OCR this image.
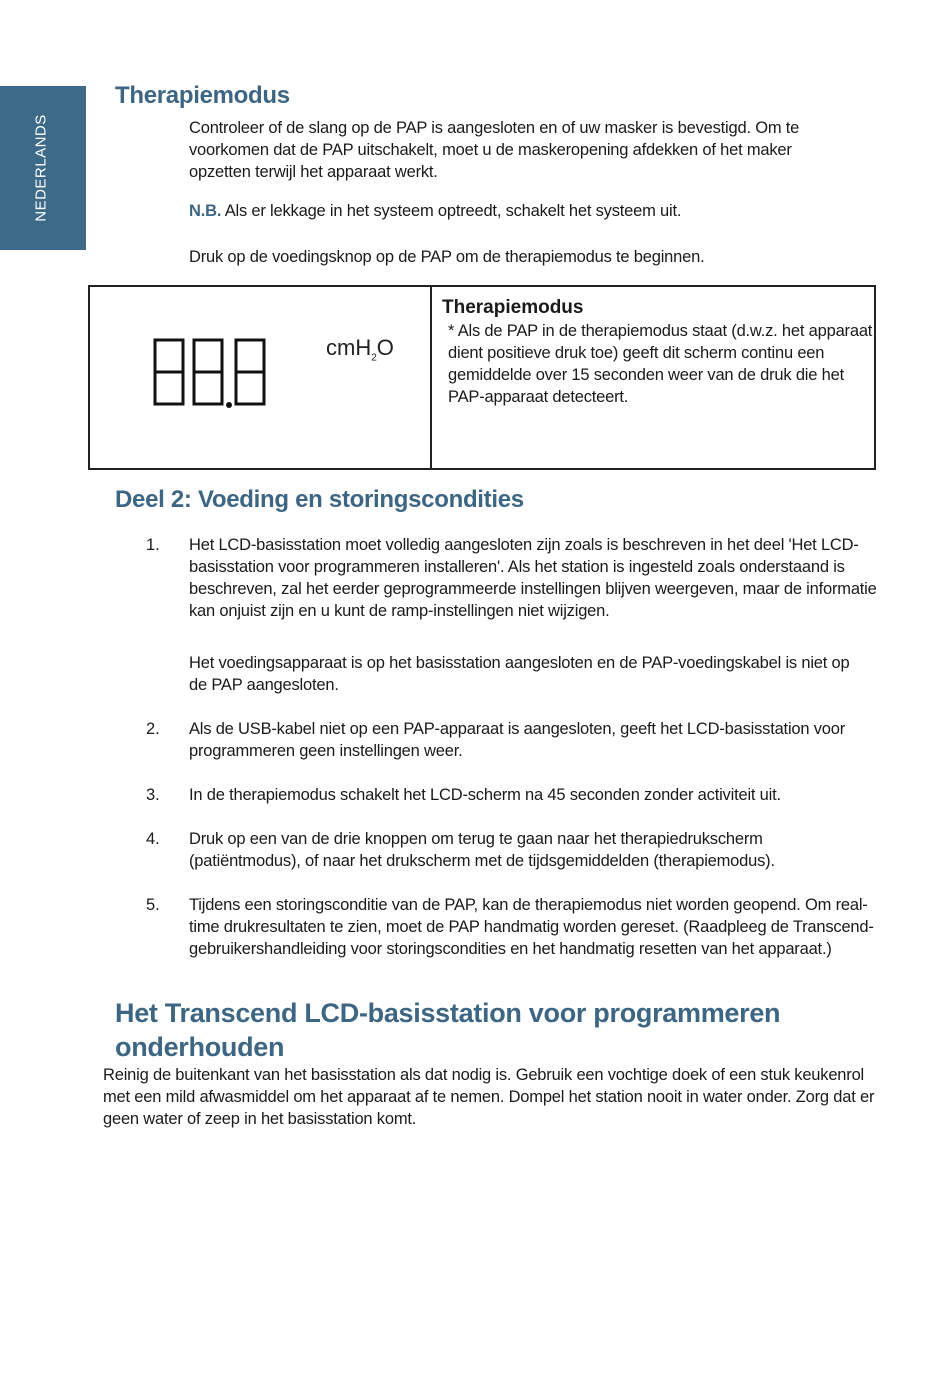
NEDERLANDS
Therapiemodus

Controleer of de slang op de PAP is aangesloten en of uw masker is bevestigd. Om te voorkomen dat de PAP uitschakelt, moet u de maskeropening afdekken of het maker opzetten terwijl het apparaat werkt.

N.B. Als er lekkage in het systeem optreedt, schakelt het systeem uit.

Druk op de voedingsknop op de PAP om de therapiemodus te beginnen.

cmH$_2$O

Therapiemodus

* Als de PAP in de therapiemodus staat (d.w.z. het apparaat dient positieve druk toe) geeft dit scherm continu een gemiddelde over 15 seconden weer van de druk die het PAP-apparaat detecteert.

Deel 2: Voeding en storingscondities
1. Het LCD-basisstation moet volledig aangesloten zijn zoals is beschreven in het deel 'Het LCD-basisstation voor programmeren installeren'. Als het station is ingesteld zoals onderstaand is beschreven, zal het eerder geprogrammeerde instellingen blijven weergeven, maar de informatie kan onjuist zijn en u kunt de ramp-instellingen niet wijzigen.

Het voedingsapparaat is op het basisstation aangesloten en de PAP-voedingskabel is niet op de PAP aangesloten.

2. Als de USB-kabel niet op een PAP-apparaat is aangesloten, geeft het LCD-basisstation voor programmeren geen instellingen weer.

3. In de therapiemodus schakelt het LCD-scherm na 45 seconden zonder activiteit uit.

4. Druk op een van de drie knoppen om terug te gaan naar het therapiedrukscherm (patiëntmodus), of naar het drukscherm met de tijdsgemiddelden (therapiemodus).

5. Tijdens een storingsconditie van de PAP, kan de therapiemodus niet worden geopend. Om real-time drukresultaten te zien, moet de PAP handmatig worden gereset. (Raadpleeg de Transcend-gebruikershandleiding voor storingscondities en het handmatig resetten van het apparaat.)

Het Transcend LCD-basisstation voor programmeren onderhouden

Reinig de buitenkant van het basisstation als dat nodig is. Gebruik een vochtige doek of een stuk keukenrol met een mild afwasmiddel om het apparaat af te nemen. Dompel het station nooit in water onder. Zorg dat er geen water of zeep in het basisstation komt.
